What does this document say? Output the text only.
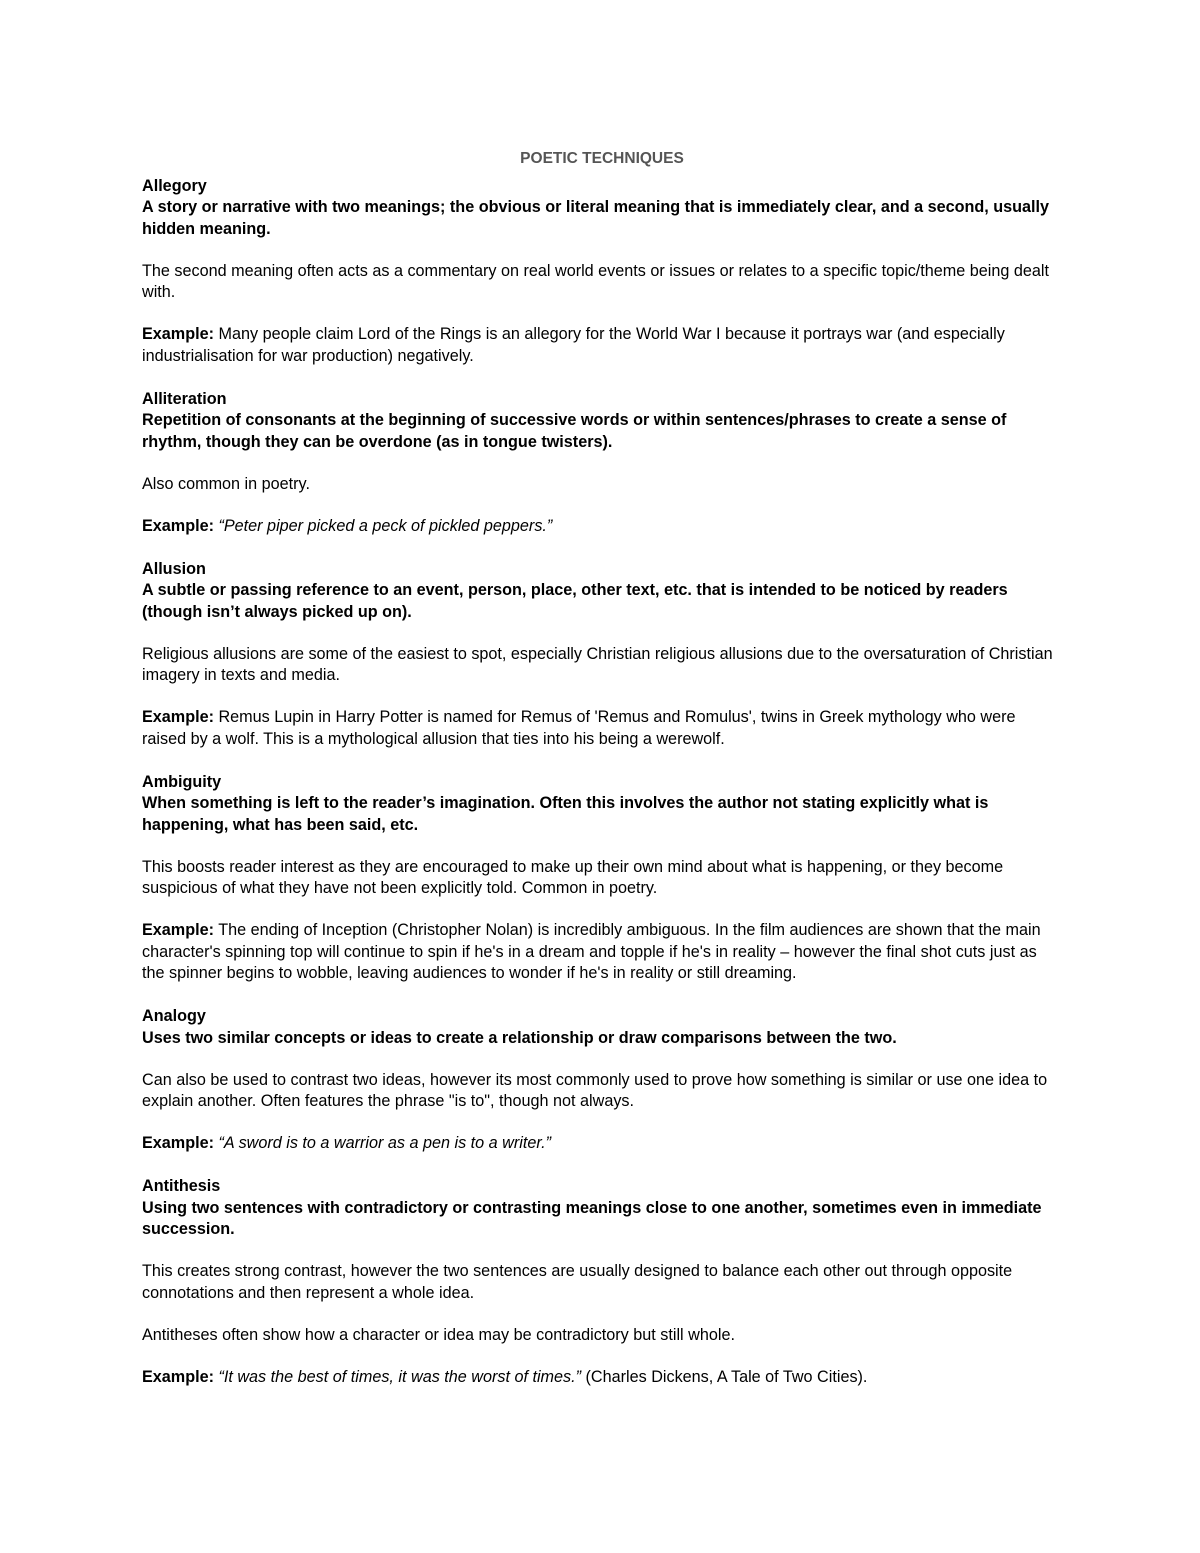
POETIC TECHNIQUES

Allegory

A story or narrative with two meanings; the obvious or literal meaning that is immediately clear, and a second, usually hidden meaning.

The second meaning often acts as a commentary on real world events or issues or relates to a specific topic/theme being dealt with.

Example: Many people claim Lord of the Rings is an allegory for the World War I because it portrays war (and especially industrialisation for war production) negatively.

Alliteration

Repetition of consonants at the beginning of successive words or within sentences/phrases to create a sense of rhythm, though they can be overdone (as in tongue twisters).

Also common in poetry.

Example: “Peter piper picked a peck of pickled peppers.”

Allusion

A subtle or passing reference to an event, person, place, other text, etc. that is intended to be noticed by readers (though isn’t always picked up on).

Religious allusions are some of the easiest to spot, especially Christian religious allusions due to the oversaturation of Christian imagery in texts and media.

Example: Remus Lupin in Harry Potter is named for Remus of 'Remus and Romulus', twins in Greek mythology who were raised by a wolf. This is a mythological allusion that ties into his being a werewolf.

Ambiguity

When something is left to the reader’s imagination. Often this involves the author not stating explicitly what is happening, what has been said, etc.

This boosts reader interest as they are encouraged to make up their own mind about what is happening, or they become suspicious of what they have not been explicitly told. Common in poetry.

Example: The ending of Inception (Christopher Nolan) is incredibly ambiguous. In the film audiences are shown that the main character's spinning top will continue to spin if he's in a dream and topple if he's in reality – however the final shot cuts just as the spinner begins to wobble, leaving audiences to wonder if he's in reality or still dreaming.

Analogy

Uses two similar concepts or ideas to create a relationship or draw comparisons between the two.

Can also be used to contrast two ideas, however its most commonly used to prove how something is similar or use one idea to explain another. Often features the phrase "is to", though not always.

Example: “A sword is to a warrior as a pen is to a writer.”

Antithesis

Using two sentences with contradictory or contrasting meanings close to one another, sometimes even in immediate succession.

This creates strong contrast, however the two sentences are usually designed to balance each other out through opposite connotations and then represent a whole idea.

Antitheses often show how a character or idea may be contradictory but still whole.

Example: “It was the best of times, it was the worst of times.” (Charles Dickens, A Tale of Two Cities).
